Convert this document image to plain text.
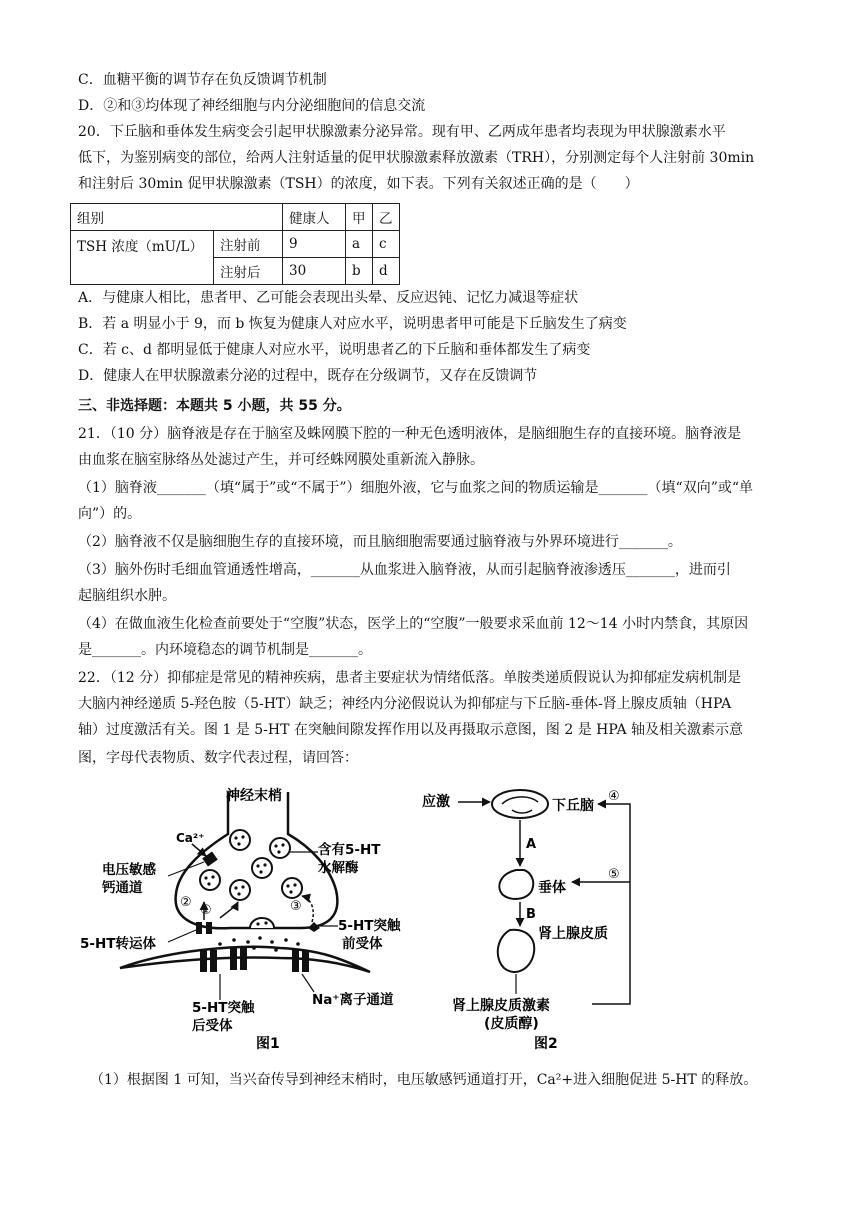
C．血糖平衡的调节存在负反馈调节机制
D．②和③均体现了神经细胞与内分泌细胞间的信息交流
20．下丘脑和垂体发生病变会引起甲状腺激素分泌异常。现有甲、乙两成年患者均表现为甲状腺激素水平
低下，为鉴别病变的部位，给两人注射适量的促甲状腺激素释放激素（TRH），分别测定每个人注射前 30min
和注射后 30min 促甲状腺激素（TSH）的浓度，如下表。下列有关叙述正确的是（　　）
组别		健康人	甲	乙
TSH 浓度（mU/L）	注射前	9	a	c
	注射后	30	b	d
A．与健康人相比，患者甲、乙可能会表现出头晕、反应迟钝、记忆力减退等症状
B．若 a 明显小于 9，而 b 恢复为健康人对应水平，说明患者甲可能是下丘脑发生了病变
C．若 c、d 都明显低于健康人对应水平，说明患者乙的下丘脑和垂体都发生了病变
D．健康人在甲状腺激素分泌的过程中，既存在分级调节，又存在反馈调节
三、非选择题：本题共 5 小题，共 55 分。
21．（10 分）脑脊液是存在于脑室及蛛网膜下腔的一种无色透明液体，是脑细胞生存的直接环境。脑脊液是
由血浆在脑室脉络丛处滤过产生，并可经蛛网膜处重新流入静脉。
（1）脑脊液_______（填“属于”或“不属于”）细胞外液，它与血浆之间的物质运输是_______（填“双向”或“单
向”）的。
（2）脑脊液不仅是脑细胞生存的直接环境，而且脑细胞需要通过脑脊液与外界环境进行_______。
（3）脑外伤时毛细血管通透性增高，_______从血浆进入脑脊液，从而引起脑脊液渗透压_______，进而引
起脑组织水肿。
（4）在做血液生化检查前要处于“空腹”状态，医学上的“空腹”一般要求采血前 12～14 小时内禁食，其原因
是_______。内环境稳态的调节机制是_______。
22．（12 分）抑郁症是常见的精神疾病，患者主要症状为情绪低落。单胺类递质假说认为抑郁症发病机制是
大脑内神经递质 5-羟色胺（5-HT）缺乏；神经内分泌假说认为抑郁症与下丘脑-垂体-肾上腺皮质轴（HPA
轴）过度激活有关。图 1 是 5-HT 在突触间隙发挥作用以及再摄取示意图，图 2 是 HPA 轴及相关激素示意
图，字母代表物质、数字代表过程，请回答：
①
②	③
神经末梢
Ca²⁺
电压敏感
钙通道
含有5-HT
水解酶
5-HT突触
前受体
5-HT转运体
5-HT突触
后受体
Na⁺离子通道
图1
应激	下丘脑
A
垂体
B
肾上腺皮质
肾上腺皮质激素
(皮质醇)
④
⑤
图2
（1）根据图 1 可知，当兴奋传导到神经末梢时，电压敏感钙通道打开，Ca²+进入细胞促进 5-HT 的释放。
